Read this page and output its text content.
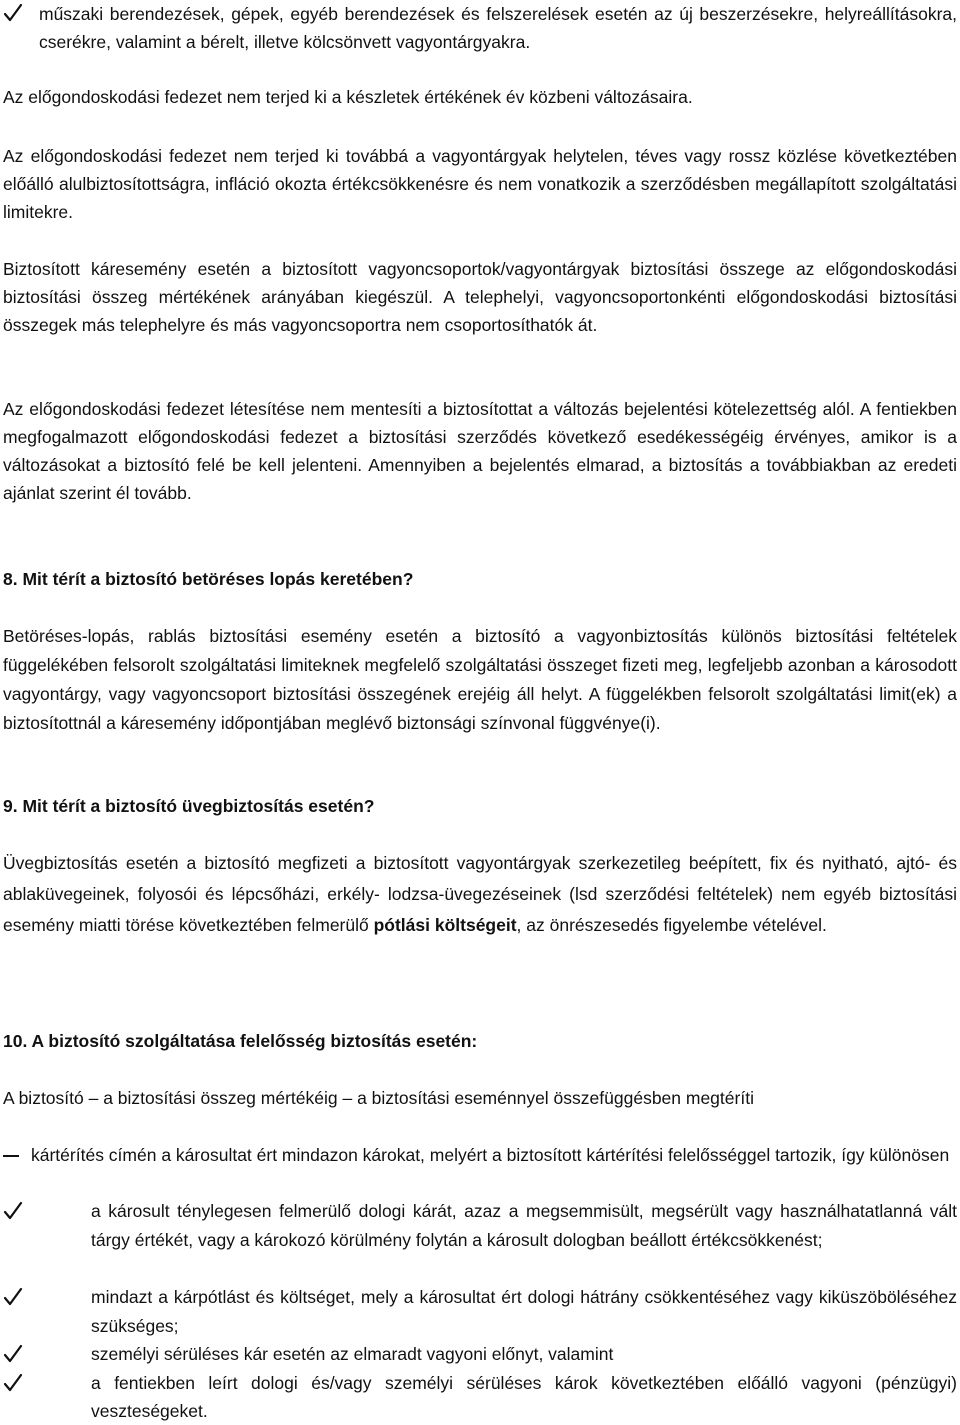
műszaki berendezések, gépek, egyéb berendezések és felszerelések esetén az új beszerzésekre, helyreállításokra, cserékre, valamint a bérelt, illetve kölcsönvett vagyontárgyakra.

Az előgondoskodási fedezet nem terjed ki a készletek értékének év közbeni változásaira.

Az előgondoskodási fedezet nem terjed ki továbbá a vagyontárgyak helytelen, téves vagy rossz közlése következtében előálló alulbiztosítottságra, infláció okozta értékcsökkenésre és nem vonatkozik a szerződésben megállapított szolgáltatási limitekre.

Biztosított káresemény esetén a biztosított vagyoncsoportok/vagyontárgyak biztosítási összege az előgondoskodási biztosítási összeg mértékének arányában kiegészül. A telephelyi, vagyoncsoportonkénti előgondoskodási biztosítási összegek más telephelyre és más vagyoncsoportra nem csoportosíthatók át.

Az előgondoskodási fedezet létesítése nem mentesíti a biztosítottat a változás bejelentési kötelezettség alól. A fentiekben megfogalmazott előgondoskodási fedezet a biztosítási szerződés következő esedékességéig érvényes, amikor is a változásokat a biztosító felé be kell jelenteni. Amennyiben a bejelentés elmarad, a biztosítás a továbbiakban az eredeti ajánlat szerint él tovább.

8. Mit térít a biztosító betöréses lopás keretében?

Betöréses-lopás, rablás biztosítási esemény esetén a biztosító a vagyonbiztosítás különös biztosítási feltételek függelékében felsorolt szolgáltatási limiteknek megfelelő szolgáltatási összeget fizeti meg, legfeljebb azonban a károsodott vagyontárgy, vagy vagyoncsoport biztosítási összegének erejéig áll helyt. A függelékben felsorolt szolgáltatási limit(ek) a biztosítottnál a káresemény időpontjában meglévő biztonsági színvonal függvénye(i).

9. Mit térít a biztosító üvegbiztosítás esetén?

Üvegbiztosítás esetén a biztosító megfizeti a biztosított vagyontárgyak szerkezetileg beépített, fix és nyitható, ajtó- és ablaküvegeinek, folyosói és lépcsőházi, erkély- lodzsa-üvegezéseinek (lsd szerződési feltételek) nem egyéb biztosítási esemény miatti törése következtében felmerülő pótlási költségeit, az önrészesedés figyelembe vételével.

10. A biztosító szolgáltatása felelősség biztosítás esetén:

A biztosító – a biztosítási összeg mértékéig – a biztosítási eseménnyel összefüggésben megtéríti

kártérítés címén a károsultat ért mindazon károkat, melyért a biztosított kártérítési felelősséggel tartozik, így különösen

a károsult ténylegesen felmerülő dologi kárát, azaz a megsemmisült, megsérült vagy használhatatlanná vált tárgy értékét, vagy a károkozó körülmény folytán a károsult dologban beállott értékcsökkenést;

mindazt a kárpótlást és költséget, mely a károsultat ért dologi hátrány csökkentéséhez vagy kiküszöböléséhez szükséges;

személyi sérüléses kár esetén az elmaradt vagyoni előnyt, valamint

a fentiekben leírt dologi és/vagy személyi sérüléses károk következtében előálló vagyoni (pénzügyi) veszteségeket.
